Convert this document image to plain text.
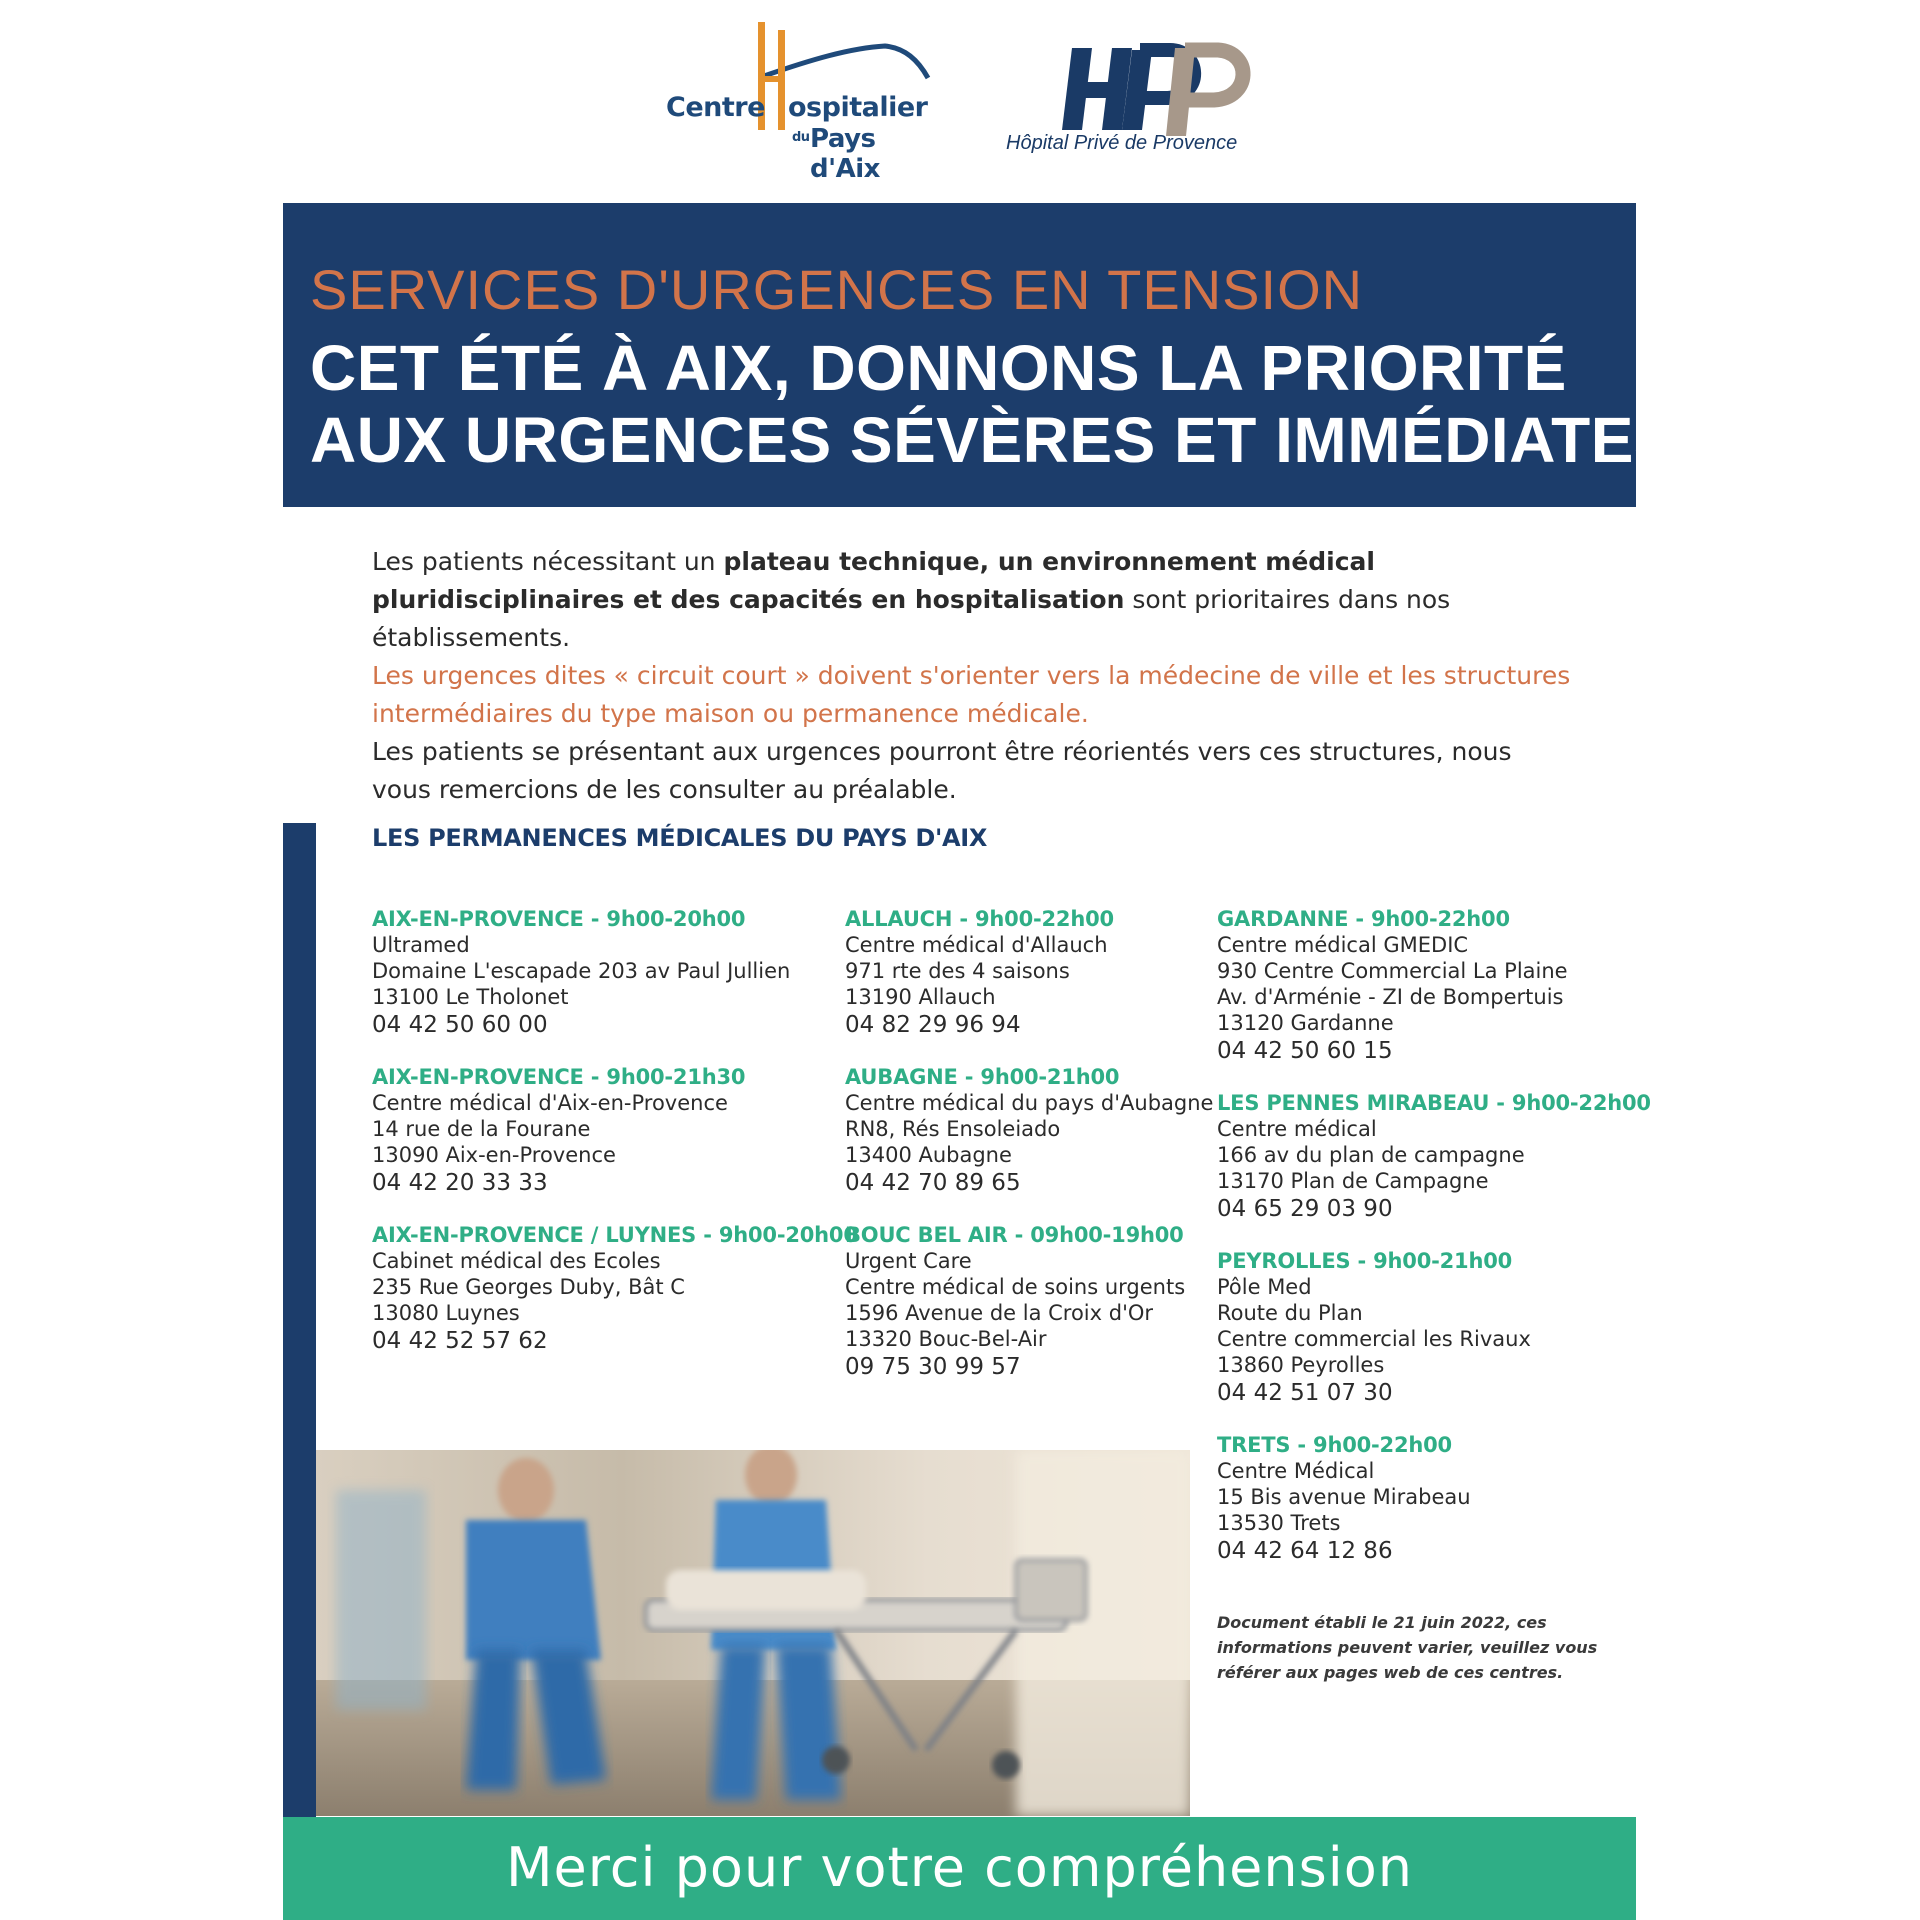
Centre ospitalier
du Pays d'Aix
Hôpital Privé de Provence
SERVICES D'URGENCES EN TENSION
CET ÉTÉ À AIX, DONNONS LA PRIORITÉ
AUX URGENCES SÉVÈRES ET IMMÉDIATES
Les patients nécessitant un plateau technique, un environnement médical pluridisciplinaires et des capacités en hospitalisation sont prioritaires dans nos établissements.
Les urgences dites « circuit court » doivent s'orienter vers la médecine de ville et les structures intermédiaires du type maison ou permanence médicale.
Les patients se présentant aux urgences pourront être réorientés vers ces structures, nous vous remercions de les consulter au préalable.
LES PERMANENCES MÉDICALES DU PAYS D'AIX
AIX-EN-PROVENCE - 9h00-20h00
Ultramed
Domaine L'escapade 203 av Paul Jullien
13100 Le Tholonet
04 42 50 60 00
AIX-EN-PROVENCE - 9h00-21h30
Centre médical d'Aix-en-Provence
14 rue de la Fourane
13090 Aix-en-Provence
04 42 20 33 33
AIX-EN-PROVENCE / LUYNES - 9h00-20h00
Cabinet médical des Ecoles
235 Rue Georges Duby, Bât C
13080 Luynes
04 42 52 57 62
ALLAUCH - 9h00-22h00
Centre médical d'Allauch
971 rte des 4 saisons
13190 Allauch
04 82 29 96 94
AUBAGNE - 9h00-21h00
Centre médical du pays d'Aubagne
RN8, Rés Ensoleiado
13400 Aubagne
04 42 70 89 65
BOUC BEL AIR - 09h00-19h00
Urgent Care
Centre médical de soins urgents
1596 Avenue de la Croix d'Or
13320 Bouc-Bel-Air
09 75 30 99 57
GARDANNE - 9h00-22h00
Centre médical GMEDIC
930 Centre Commercial La Plaine
Av. d'Arménie - ZI de Bompertuis
13120 Gardanne
04 42 50 60 15
LES PENNES MIRABEAU - 9h00-22h00
Centre médical
166 av du plan de campagne
13170 Plan de Campagne
04 65 29 03 90
PEYROLLES - 9h00-21h00
Pôle Med
Route du Plan
Centre commercial les Rivaux
13860 Peyrolles
04 42 51 07 30
TRETS - 9h00-22h00
Centre Médical
15 Bis avenue Mirabeau
13530 Trets
04 42 64 12 86
Document établi le 21 juin 2022, ces informations peuvent varier, veuillez vous référer aux pages web de ces centres.
Merci pour votre compréhension
